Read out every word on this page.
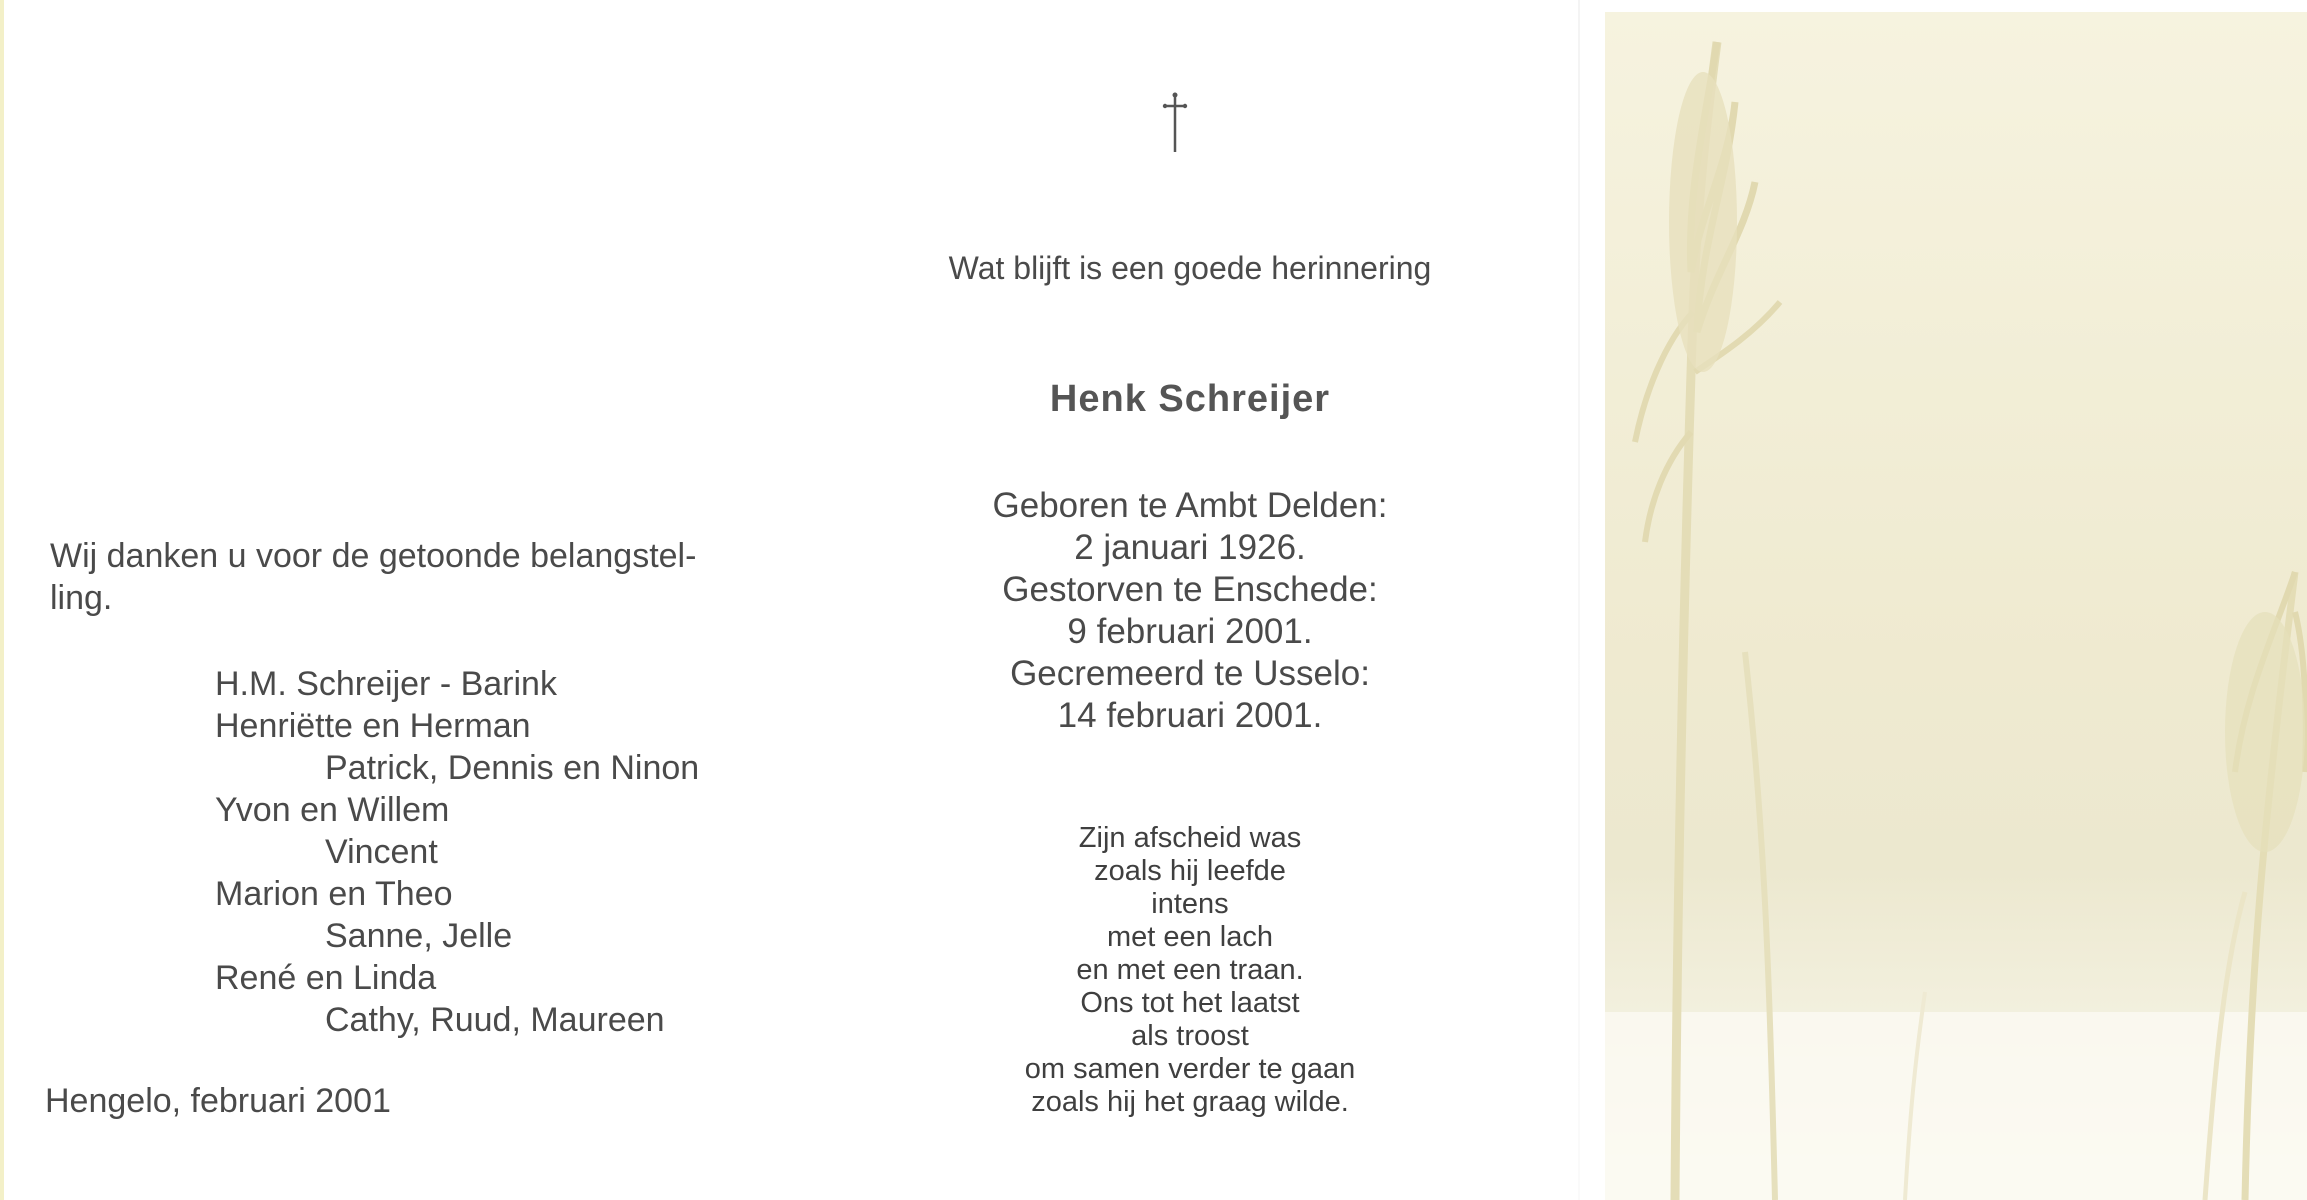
Wij danken u voor de getoonde belangstel-
ling.
H.M. Schreijer - Barink
Henriëtte en Herman
Patrick, Dennis en Ninon
Yvon en Willem
Vincent
Marion en Theo
Sanne, Jelle
René en Linda
Cathy, Ruud, Maureen
Hengelo, februari 2001
Wat blijft is een goede herinnering
Henk Schreijer
Geboren te Ambt Delden:
2 januari 1926.
Gestorven te Enschede:
9 februari 2001.
Gecremeerd te Usselo:
14 februari 2001.
Zijn afscheid was
zoals hij leefde
intens
met een lach
en met een traan.
Ons tot het laatst
als troost
om samen verder te gaan
zoals hij het graag wilde.
